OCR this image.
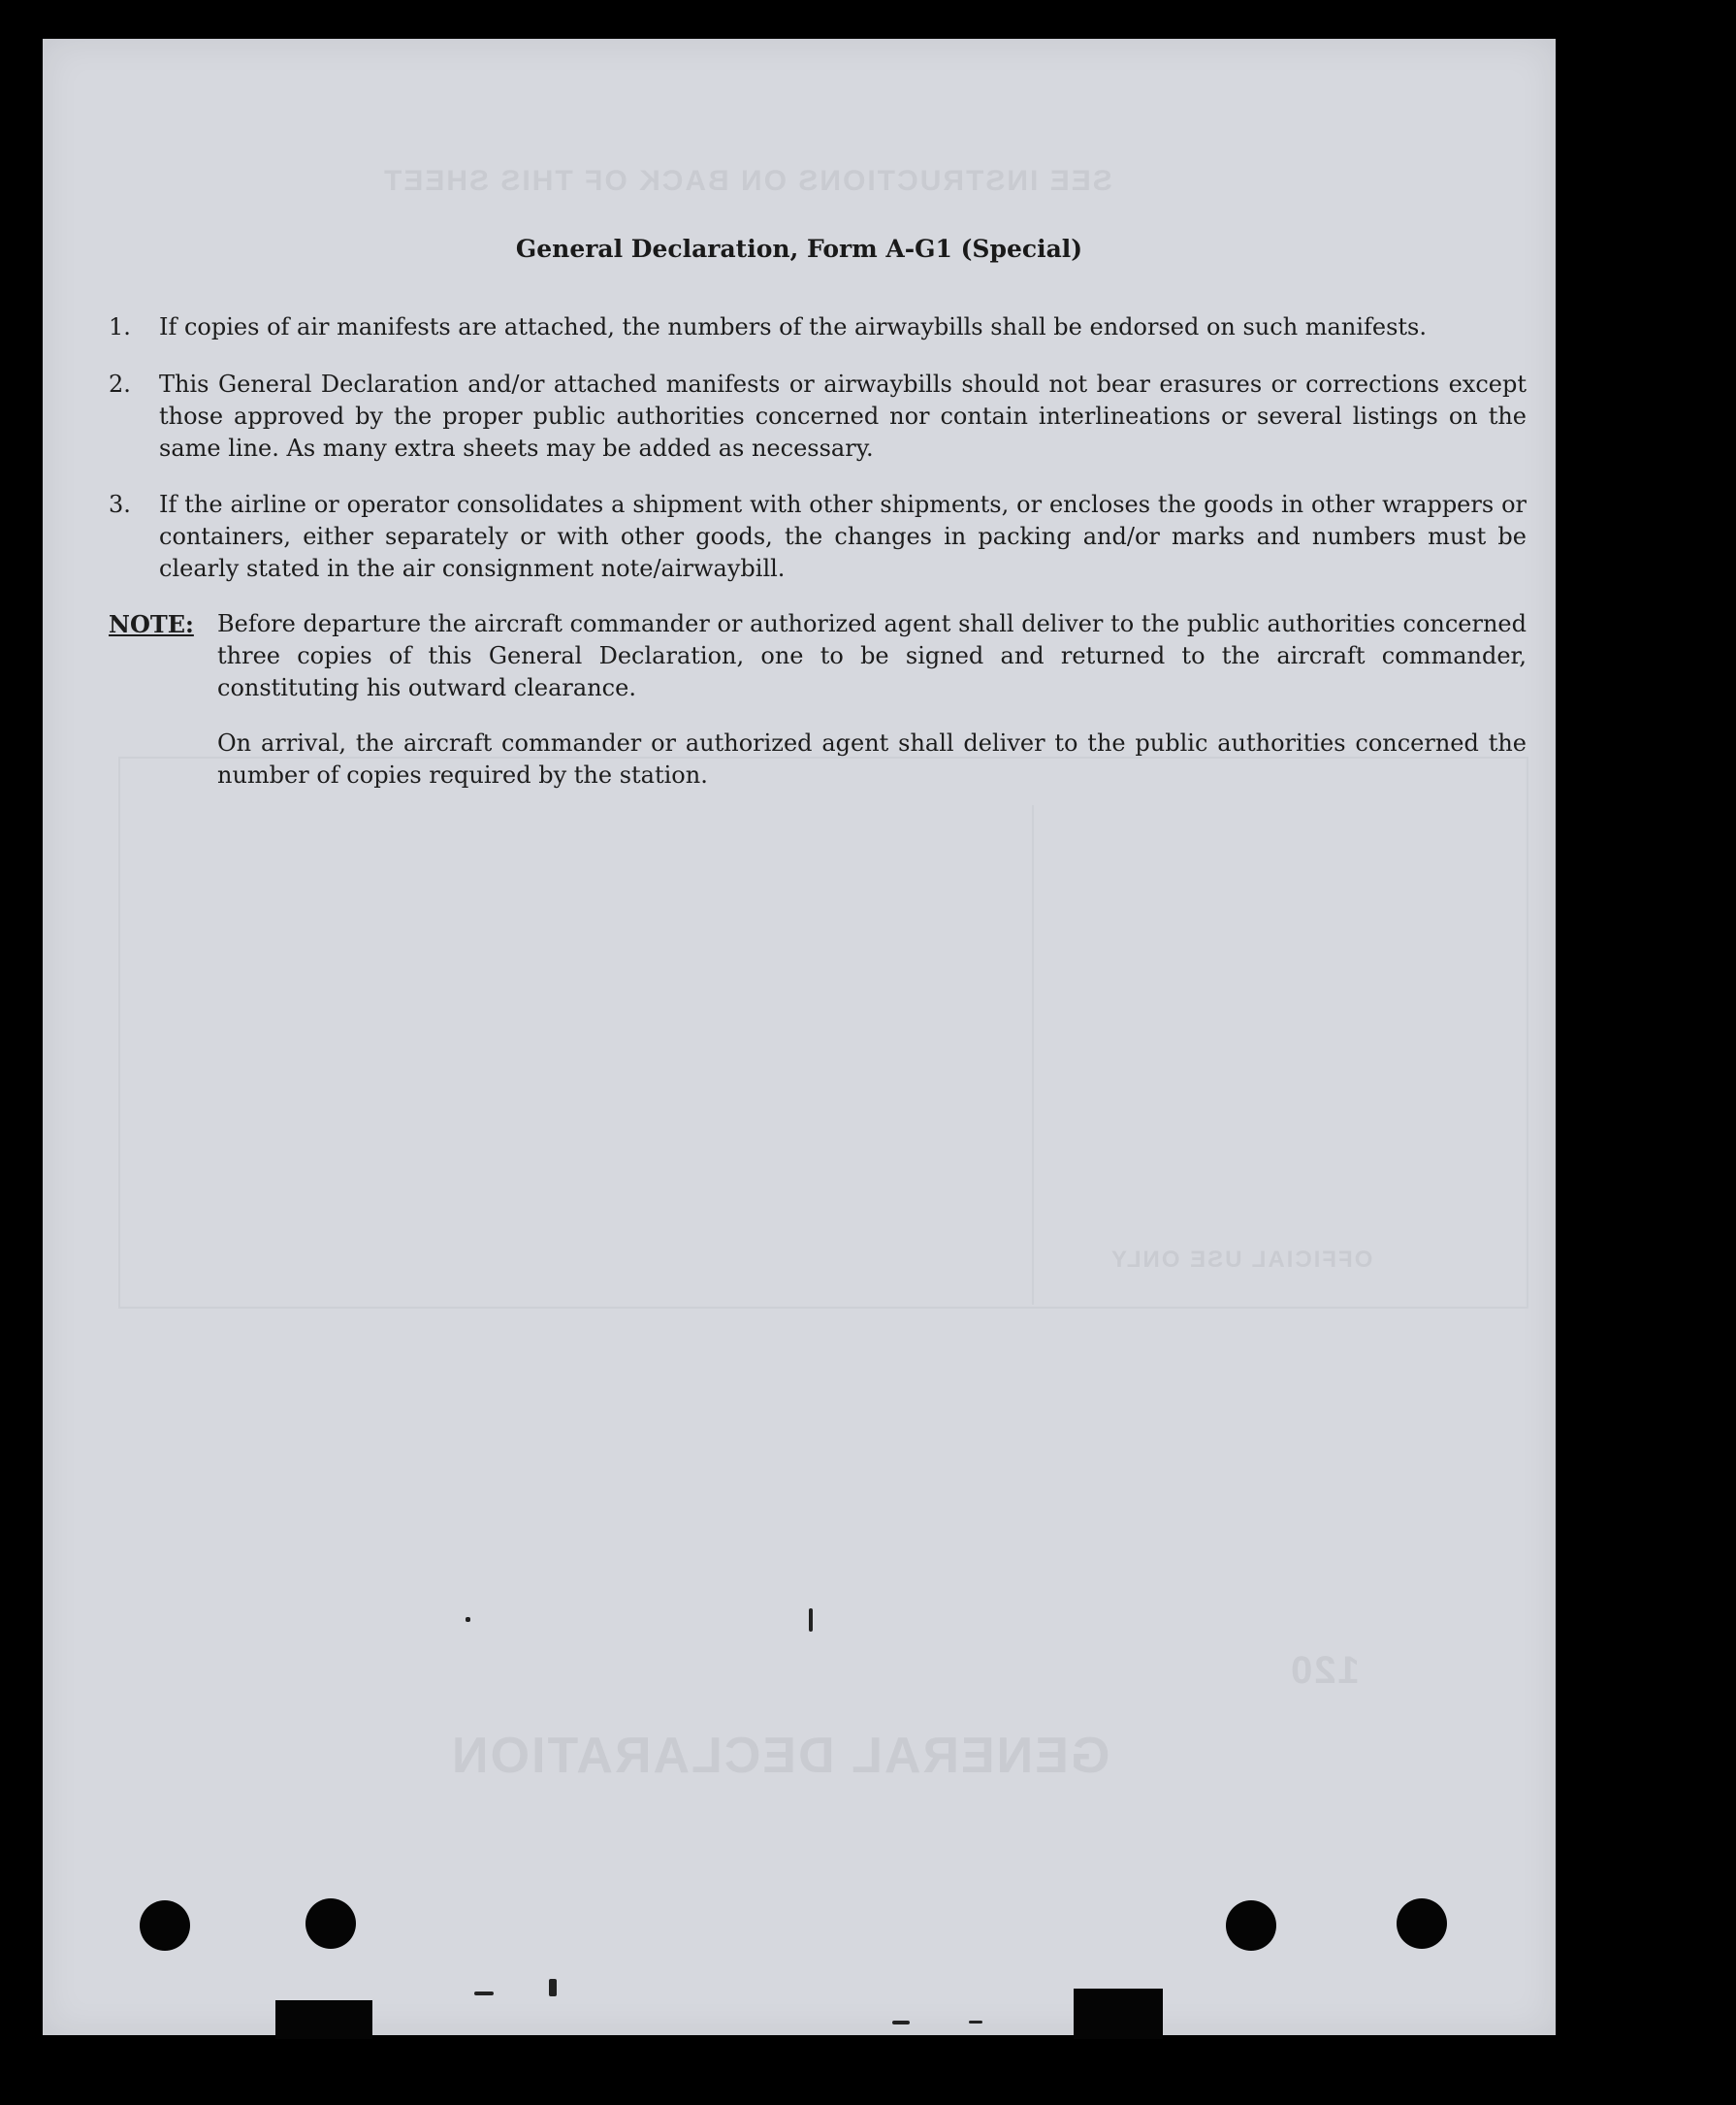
SEE INSTRUCTIONS ON BACK OF THIS SHEET
OFFICIAL USE ONLY
GENERAL DECLARATION
120
General Declaration, Form A-G1 (Special)
1.	If copies of air manifests are attached, the numbers of the airwaybills shall be endorsed on such manifests.
2.	This General Declaration and/or attached manifests or airwaybills should not bear erasures or corrections except those approved by the proper public authorities concerned nor contain interlineations or several listings on the same line. As many extra sheets may be added as necessary.
3.	If the airline or operator consolidates a shipment with other shipments, or encloses the goods in other wrappers or containers, either separately or with other goods, the changes in packing and/or marks and numbers must be clearly stated in the air consignment note/airwaybill.
NOTE: Before departure the aircraft commander or authorized agent shall deliver to the public authorities concerned three copies of this General Declaration, one to be signed and returned to the aircraft commander, constituting his outward clearance.
On arrival, the aircraft commander or authorized agent shall deliver to the public authorities concerned the number of copies required by the station.
